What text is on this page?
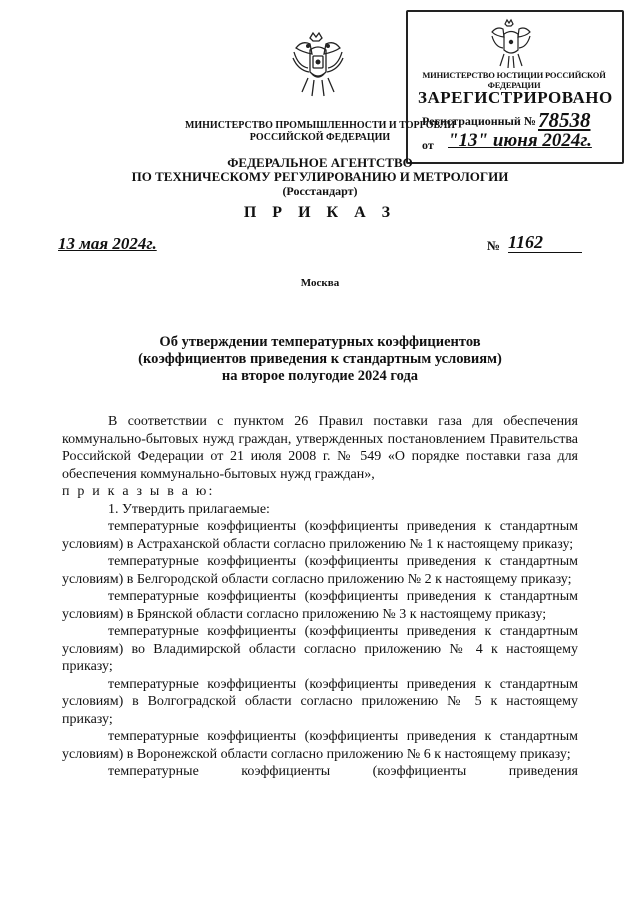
МИНИСТЕРСТВО ЮСТИЦИИ РОССИЙСКОЙ ФЕДЕРАЦИИ
ЗАРЕГИСТРИРОВАНО
Регистрационный № 78538
от "13" июня 2024г.
МИНИСТЕРСТВО ПРОМЫШЛЕННОСТИ И ТОРГОВЛИ
РОССИЙСКОЙ ФЕДЕРАЦИИ
ФЕДЕРАЛЬНОЕ АГЕНТСТВО
ПО ТЕХНИЧЕСКОМУ РЕГУЛИРОВАНИЮ И МЕТРОЛОГИИ
(Росстандарт)
П Р И К А З
13 мая 2024г.	№ 1162
Москва
Об утверждении температурных коэффициентов
(коэффициентов приведения к стандартным условиям)
на второе полугодие 2024 года

В соответствии с пунктом 26 Правил поставки газа для обеспечения коммунально-бытовых нужд граждан, утвержденных постановлением Правительства Российской Федерации от 21 июля 2008 г. № 549 «О порядке поставки газа для обеспечения коммунально-бытовых нужд граждан»,

п р и к а з ы в а ю:

1. Утвердить прилагаемые:

температурные коэффициенты (коэффициенты приведения к стандартным условиям) в Астраханской области согласно приложению № 1 к настоящему приказу;

температурные коэффициенты (коэффициенты приведения к стандартным условиям) в Белгородской области согласно приложению № 2 к настоящему приказу;

температурные коэффициенты (коэффициенты приведения к стандартным условиям) в Брянской области согласно приложению № 3 к настоящему приказу;

температурные коэффициенты (коэффициенты приведения к стандартным условиям) во Владимирской области согласно приложению № 4 к настоящему приказу;

температурные коэффициенты (коэффициенты приведения к стандартным условиям) в Волгоградской области согласно приложению № 5 к настоящему приказу;

температурные коэффициенты (коэффициенты приведения к стандартным условиям) в Воронежской области согласно приложению № 6 к настоящему приказу;

температурные коэффициенты (коэффициенты приведения
